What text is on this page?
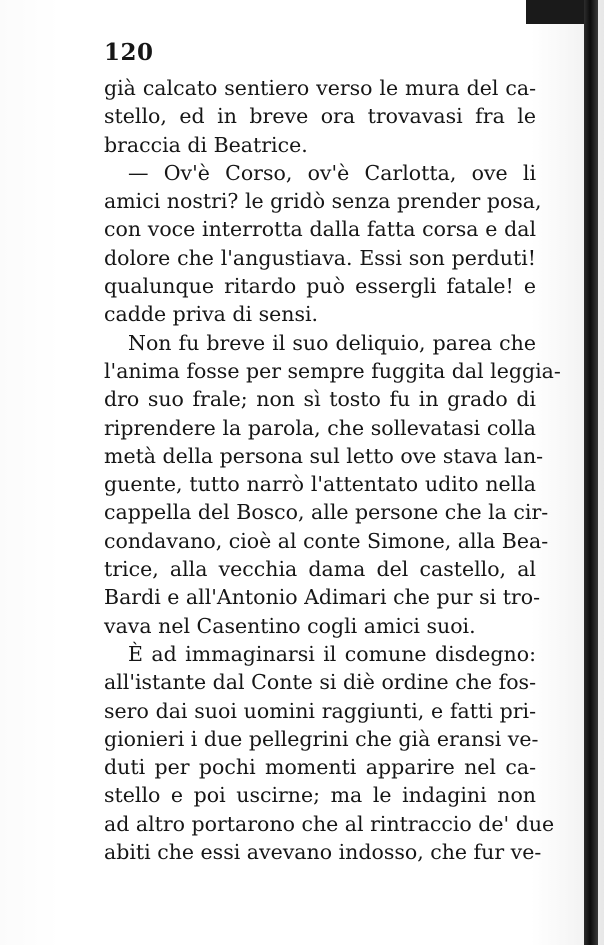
120
già calcato sentiero verso le mura del ca-
stello, ed in breve ora trovavasi fra le
braccia di Beatrice.
— Ov'è Corso, ov'è Carlotta, ove li
amici nostri? le gridò senza prender posa,
con voce interrotta dalla fatta corsa e dal
dolore che l'angustiava. Essi son perduti!
qualunque ritardo può essergli fatale! e
cadde priva di sensi.
Non fu breve il suo deliquio, parea che
l'anima fosse per sempre fuggita dal leggia-
dro suo frale; non sì tosto fu in grado di
riprendere la parola, che sollevatasi colla
metà della persona sul letto ove stava lan-
guente, tutto narrò l'attentato udito nella
cappella del Bosco, alle persone che la cir-
condavano, cioè al conte Simone, alla Bea-
trice, alla vecchia dama del castello, al
Bardi e all'Antonio Adimari che pur si tro-
vava nel Casentino cogli amici suoi.
È ad immaginarsi il comune disdegno:
all'istante dal Conte si diè ordine che fos-
sero dai suoi uomini raggiunti, e fatti pri-
gionieri i due pellegrini che già eransi ve-
duti per pochi momenti apparire nel ca-
stello e poi uscirne; ma le indagini non
ad altro portarono che al rintraccio de' due
abiti che essi avevano indosso, che fur ve-
